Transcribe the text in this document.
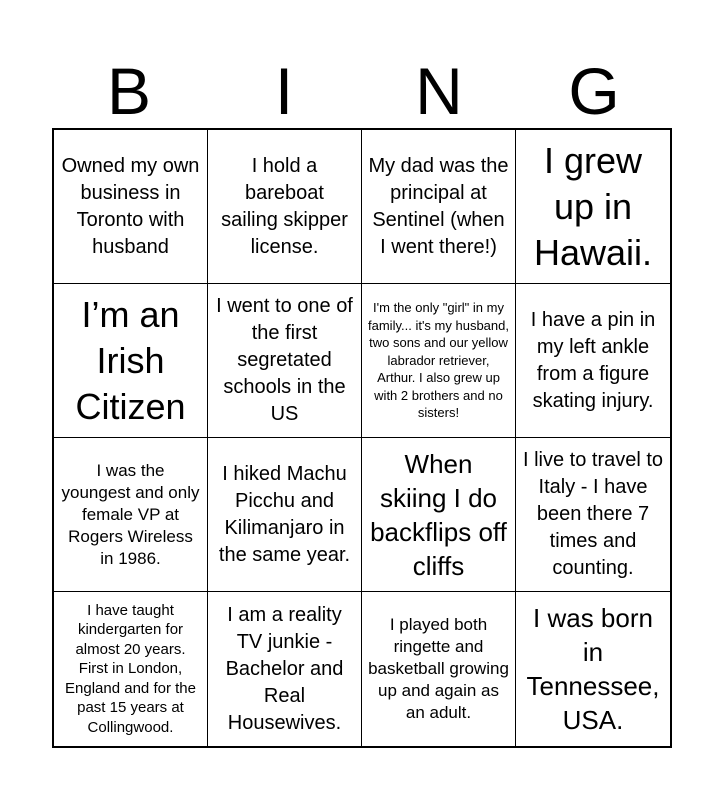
B	I	N	G
Owned my own business in Toronto with husband
I hold a bareboat sailing skipper license.
My dad was the principal at Sentinel (when I went there!)
I grew up in Hawaii.
I’m an Irish Citizen
I went to one of the first segretated schools in the US
I'm the only "girl" in my family... it's my husband, two sons and our yellow labrador retriever, Arthur. I also grew up with 2 brothers and no sisters!
I have a pin in my left ankle from a figure skating injury.
I was the youngest and only female VP at Rogers Wireless in 1986.
I hiked Machu Picchu and Kilimanjaro in the same year.
When skiing I do backflips off cliffs
I live to travel to Italy - I have been there 7 times and counting.
I have taught kindergarten for almost 20 years. First in London, England and for the past 15 years at Collingwood.
I am a reality TV junkie - Bachelor and Real Housewives.
I played both ringette and basketball growing up and again as an adult.
I was born in Tennessee, USA.
